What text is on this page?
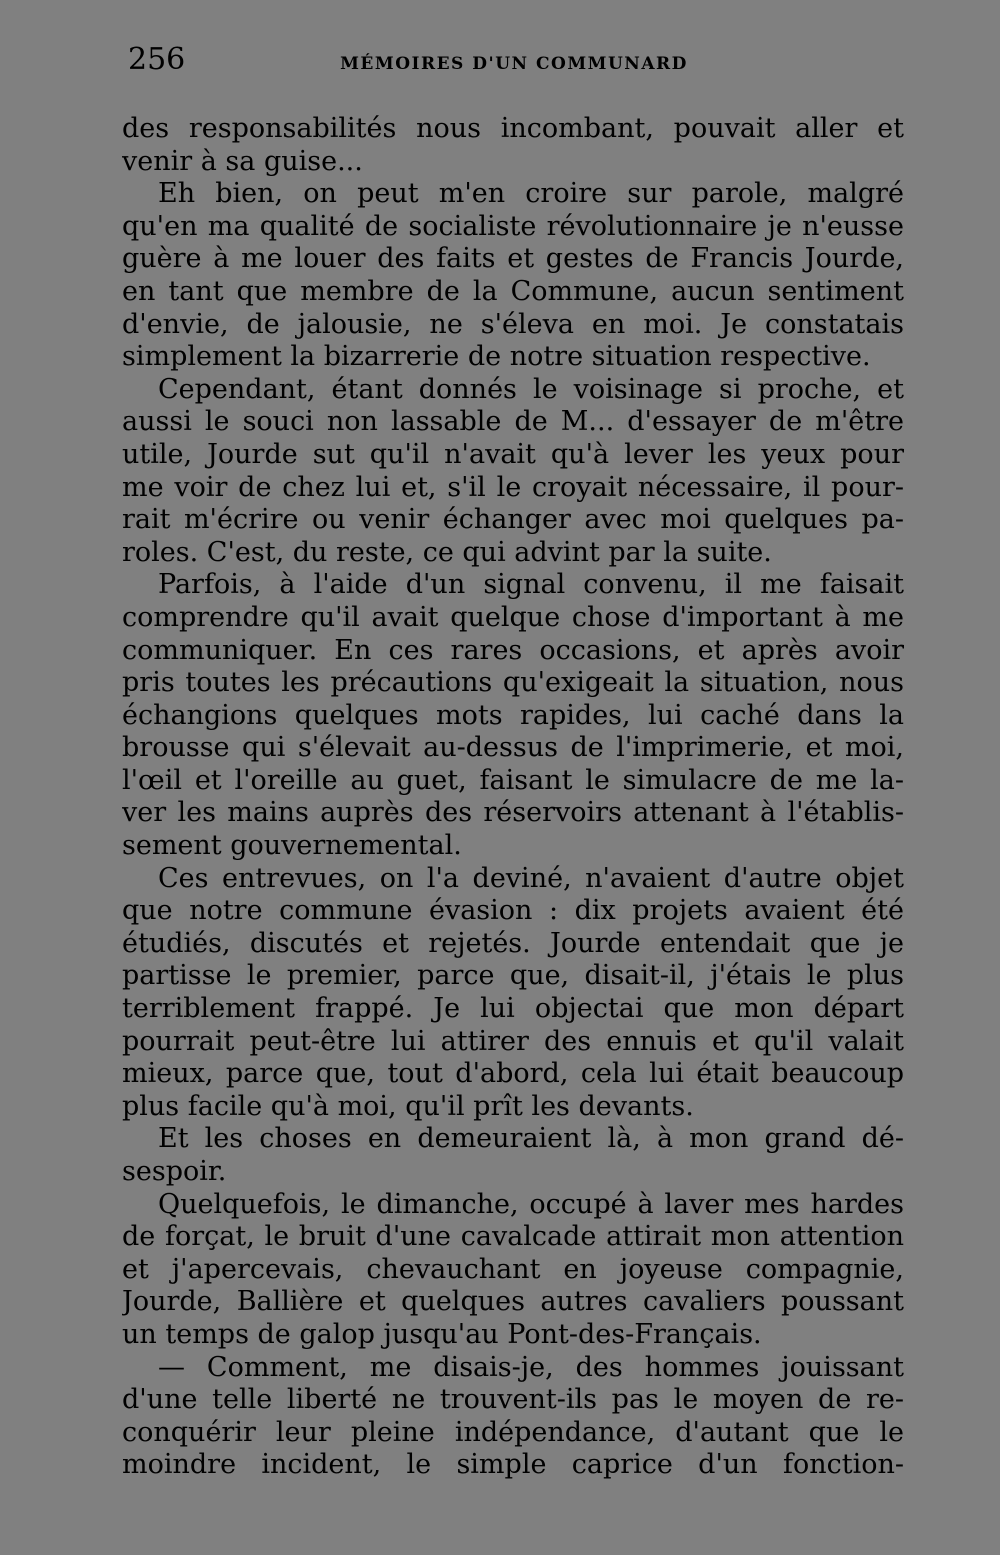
256	MÉMOIRES D'UN COMMUNARD
des responsabilités nous incombant, pouvait aller et
venir à sa guise...
Eh bien, on peut m'en croire sur parole, malgré
qu'en ma qualité de socialiste révolutionnaire je n'eusse
guère à me louer des faits et gestes de Francis Jourde,
en tant que membre de la Commune, aucun sentiment
d'envie, de jalousie, ne s'éleva en moi. Je constatais
simplement la bizarrerie de notre situation respective.
Cependant, étant donnés le voisinage si proche, et
aussi le souci non lassable de M... d'essayer de m'être
utile, Jourde sut qu'il n'avait qu'à lever les yeux pour
me voir de chez lui et, s'il le croyait nécessaire, il pour-
rait m'écrire ou venir échanger avec moi quelques pa-
roles. C'est, du reste, ce qui advint par la suite.
Parfois, à l'aide d'un signal convenu, il me faisait
comprendre qu'il avait quelque chose d'important à me
communiquer. En ces rares occasions, et après avoir
pris toutes les précautions qu'exigeait la situation, nous
échangions quelques mots rapides, lui caché dans la
brousse qui s'élevait au-dessus de l'imprimerie, et moi,
l'œil et l'oreille au guet, faisant le simulacre de me la-
ver les mains auprès des réservoirs attenant à l'établis-
sement gouvernemental.
Ces entrevues, on l'a deviné, n'avaient d'autre objet
que notre commune évasion : dix projets avaient été
étudiés, discutés et rejetés. Jourde entendait que je
partisse le premier, parce que, disait-il, j'étais le plus
terriblement frappé. Je lui objectai que mon départ
pourrait peut-être lui attirer des ennuis et qu'il valait
mieux, parce que, tout d'abord, cela lui était beaucoup
plus facile qu'à moi, qu'il prît les devants.
Et les choses en demeuraient là, à mon grand dé-
sespoir.
Quelquefois, le dimanche, occupé à laver mes hardes
de forçat, le bruit d'une cavalcade attirait mon attention
et j'apercevais, chevauchant en joyeuse compagnie,
Jourde, Ballière et quelques autres cavaliers poussant
un temps de galop jusqu'au Pont-des-Français.
— Comment, me disais-je, des hommes jouissant
d'une telle liberté ne trouvent-ils pas le moyen de re-
conquérir leur pleine indépendance, d'autant que le
moindre incident, le simple caprice d'un fonction-
